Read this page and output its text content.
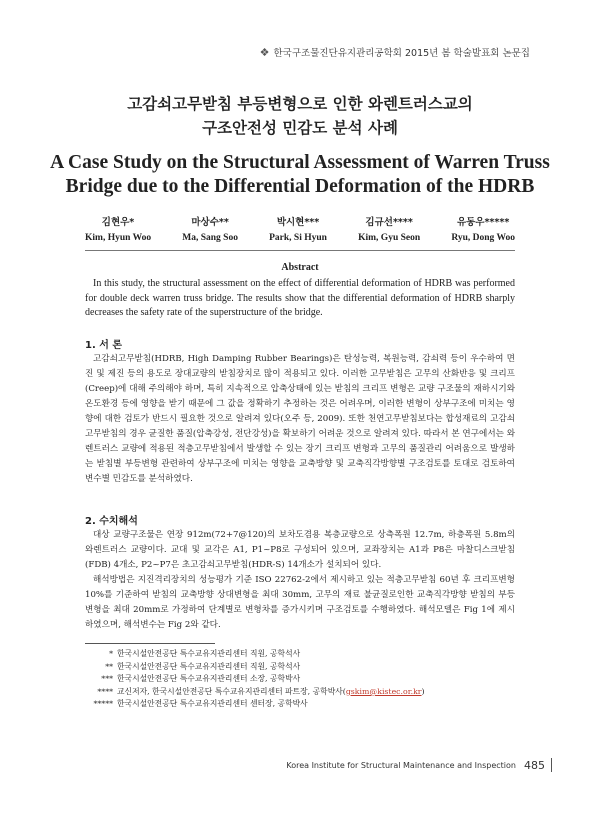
❖ 한국구조물진단유지관리공학회 2015년 봄 학술발표회 논문집
고감쇠고무받침 부등변형으로 인한 와렌트러스교의
구조안전성 민감도 분석 사례
A Case Study on the Structural Assessment of Warren Truss
Bridge due to the Differential Deformation of the HDRB
김현우*
Kim, Hyun Woo
마상수**
Ma, Sang Soo
박시현***
Park, Si Hyun
김규선****
Kim, Gyu Seon
유동우*****
Ryu, Dong Woo
Abstract

In this study, the structural assessment on the effect of differential deformation of HDRB was performed for double deck warren truss bridge. The results show that the differential deformation of HDRB sharply decreases the safety rate of the superstructure of the bridge.

1. 서 론

고감쇠고무받침(HDRB, High Damping Rubber Bearings)은 탄성능력, 복원능력, 감쇠력 등이 우수하여 면진 및 제진 등의 용도로 장대교량의 받침장치로 많이 적용되고 있다. 이러한 고무받침은 고무의 산화반응 및 크리프(Creep)에 대해 주의해야 하며, 특히 지속적으로 압축상태에 있는 받침의 크리프 변형은 교량 구조물의 재하시기와 온도환경 등에 영향을 받기 때문에 그 값을 정확하기 추정하는 것은 어려우며, 이러한 변형이 상부구조에 미치는 영향에 대한 검토가 반드시 필요한 것으로 알려져 있다(오주 등, 2009). 또한 천연고무받침보다는 합성재료의 고감쇠고무받침의 경우 균질한 품질(압축강성, 전단강성)을 확보하기 어려운 것으로 알려져 있다. 따라서 본 연구에서는 와렌트러스 교량에 적용된 적층고무받침에서 발생할 수 있는 장기 크리프 변형과 고무의 품질관리 어려움으로 발생하는 받침별 부등변형 관련하여 상부구조에 미치는 영향을 교축방향 및 교축직각방향별 구조검토를 토대로 검토하여 변수별 민감도를 분석하였다.

2. 수치해석

대상 교량구조물은 연장 912m(72+7@120)의 보차도겸용 복층교량으로 상측폭원 12.7m, 하층폭원 5.8m의 와렌트러스 교량이다. 교대 및 교각은 A1, P1~P8로 구성되어 있으며, 교좌장치는 A1과 P8은 마찰디스크받침(FDB) 4개소, P2~P7은 초고감쇠고무받침(HDR-S) 14개소가 설치되어 있다.

해석방법은 지진격리장치의 성능평가 기준 ISO 22762-2에서 제시하고 있는 적층고무받침 60년 후 크리프변형 10%를 기준하여 받침의 교축방향 상대변형을 최대 30mm, 고무의 재료 불균질로인한 교축직각방향 받침의 부등변형을 최대 20mm로 가정하여 단계별로 변형차를 증가시키며 구조검토를 수행하였다. 해석모델은 Fig 1에 제시하였으며, 해석변수는 Fig 2와 같다.

* 한국시설안전공단 특수교유지관리센터 직원, 공학석사
** 한국시설안전공단 특수교유지관리센터 직원, 공학석사
*** 한국시설안전공단 특수교유지관리센터 소장, 공학박사
**** 교신저자, 한국시설안전공단 특수교유지관리센터 파트장, 공학박사(gskim@kistec.or.kr)
***** 한국시설안전공단 특수교유지관리센터 센터장, 공학박사
Korea Institute for Structural Maintenance and Inspection 485
